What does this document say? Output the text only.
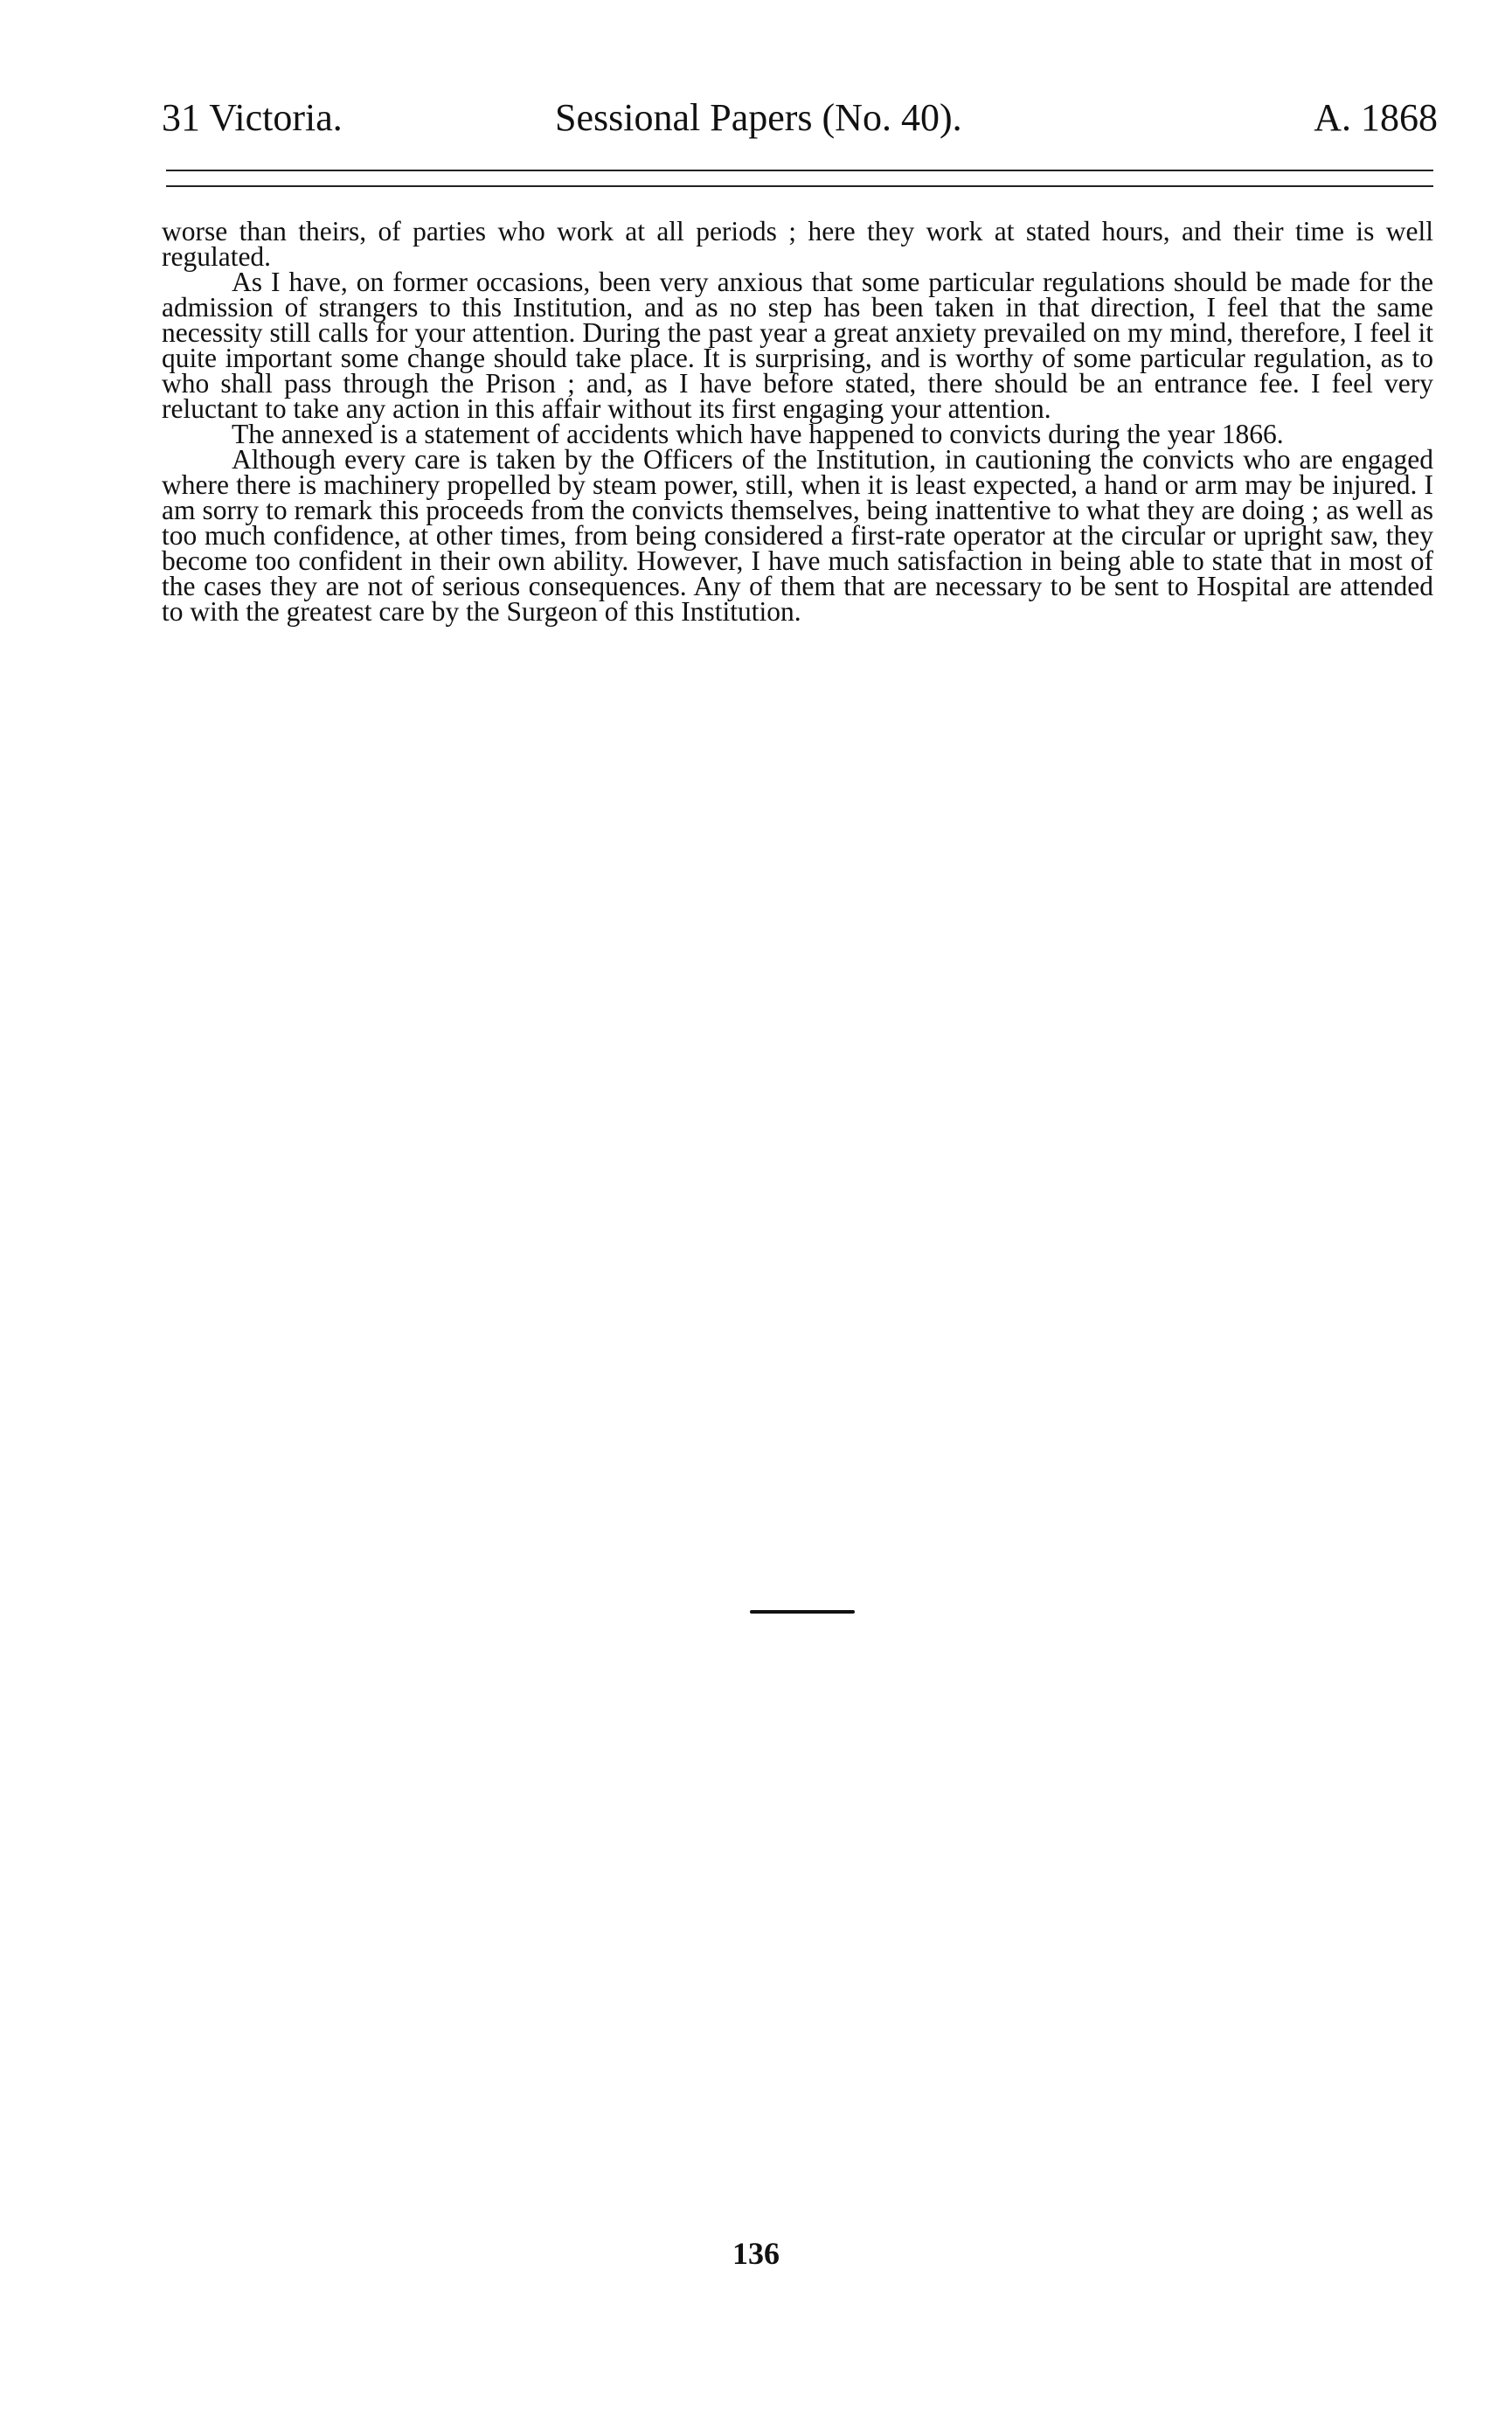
31 Victoria.	Sessional Papers (No. 40).	A. 1868

worse than theirs, of parties who work at all periods ; here they work at stated hours, and their time is well regulated.

As I have, on former occasions, been very anxious that some particular regulations should be made for the admission of strangers to this Institution, and as no step has been taken in that direction, I feel that the same necessity still calls for your attention. During the past year a great anxiety prevailed on my mind, therefore, I feel it quite important some change should take place. It is surprising, and is worthy of some particular regulation, as to who shall pass through the Prison ; and, as I have before stated, there should be an entrance fee. I feel very reluctant to take any action in this affair without its first engaging your attention.

The annexed is a statement of accidents which have happened to convicts during the year 1866.

Although every care is taken by the Officers of the Institution, in cautioning the convicts who are engaged where there is machinery propelled by steam power, still, when it is least expected, a hand or arm may be injured. I am sorry to remark this proceeds from the convicts themselves, being inattentive to what they are doing ; as well as too much confidence, at other times, from being considered a first-rate operator at the circular or upright saw, they become too confident in their own ability. However, I have much satisfaction in being able to state that in most of the cases they are not of serious consequences. Any of them that are necessary to be sent to Hospital are attended to with the greatest care by the Surgeon of this Institution.

136
